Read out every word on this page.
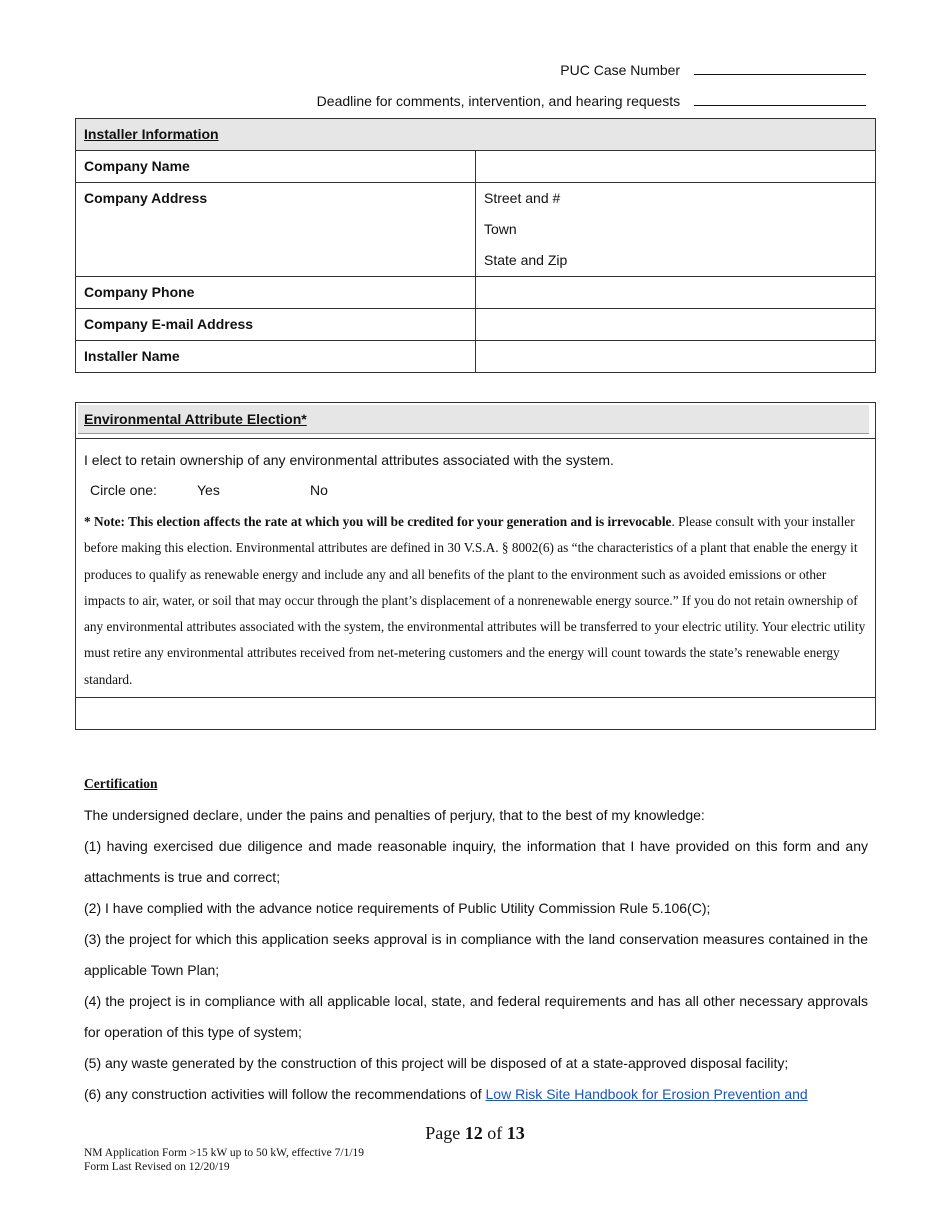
PUC Case Number
Deadline for comments, intervention, and hearing requests
Installer Information	
Company Name	
Company Address	Street and #
Town
State and Zip

Company Phone	
Company E-mail Address	
Installer Name	
Environmental Attribute Election*
I elect to retain ownership of any environmental attributes associated with the system.
Circle one:	Yes	No
* Note: This election affects the rate at which you will be credited for your generation and is irrevocable. Please consult with your installer before making this election. Environmental attributes are defined in 30 V.S.A. § 8002(6) as “the characteristics of a plant that enable the energy it produces to qualify as renewable energy and include any and all benefits of the plant to the environment such as avoided emissions or other impacts to air, water, or soil that may occur through the plant’s displacement of a nonrenewable energy source.” If you do not retain ownership of any environmental attributes associated with the system, the environmental attributes will be transferred to your electric utility. Your electric utility must retire any environmental attributes received from net-metering customers and the energy will count towards the state’s renewable energy standard.
Certification

The undersigned declare, under the pains and penalties of perjury, that to the best of my knowledge:

(1) having exercised due diligence and made reasonable inquiry, the information that I have provided on this form and any attachments is true and correct;

(2) I have complied with the advance notice requirements of Public Utility Commission Rule 5.106(C);

(3) the project for which this application seeks approval is in compliance with the land conservation measures contained in the applicable Town Plan;

(4) the project is in compliance with all applicable local, state, and federal requirements and has all other necessary approvals for operation of this type of system;

(5) any waste generated by the construction of this project will be disposed of at a state-approved disposal facility;

(6) any construction activities will follow the recommendations of Low Risk Site Handbook for Erosion Prevention and

Page 12 of 13
NM Application Form >15 kW up to 50 kW, effective 7/1/19
Form Last Revised on 12/20/19
